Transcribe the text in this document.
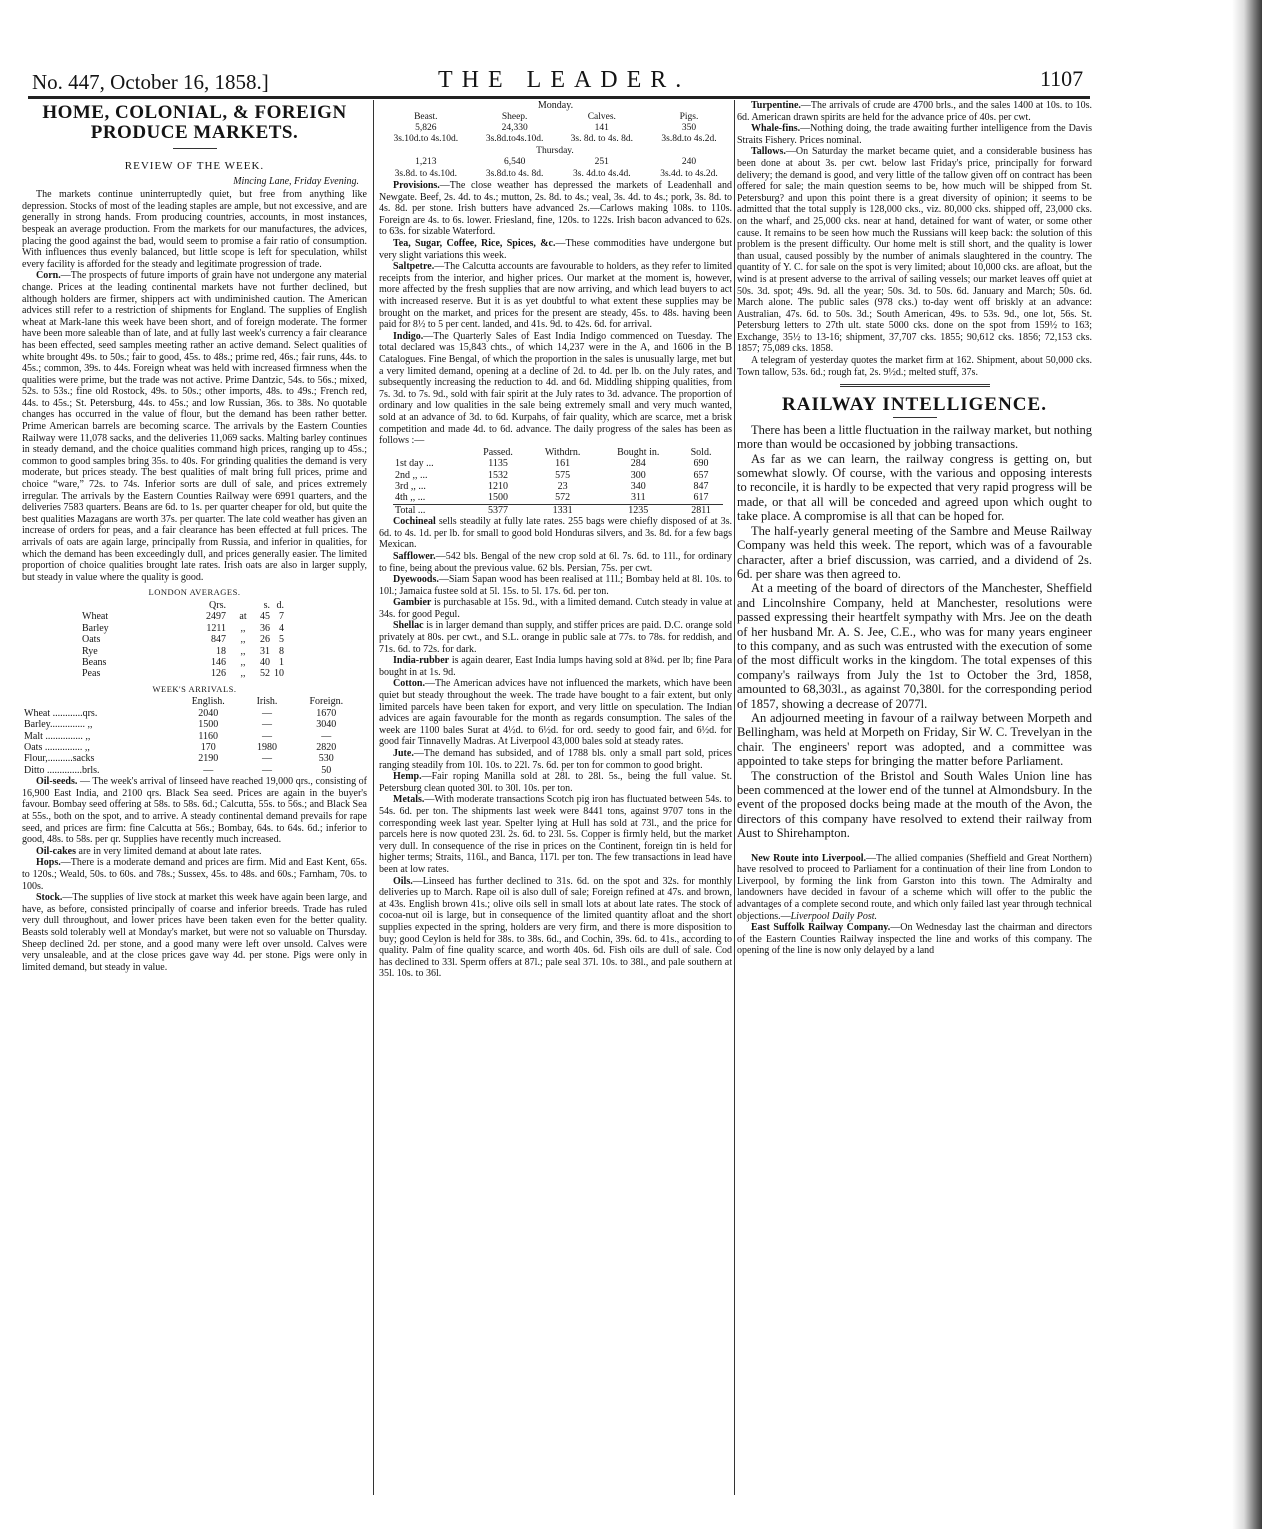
No. 447, October 16, 1858.]	THE LEADER.	1107
HOME, COLONIAL, & FOREIGN
PRODUCE MARKETS.
REVIEW OF THE WEEK.
Mincing Lane, Friday Evening.

The markets continue uninterruptedly quiet, but free from anything like depression. Stocks of most of the leading staples are ample, but not excessive, and are generally in strong hands. From producing countries, accounts, in most instances, bespeak an average production. From the markets for our manufactures, the advices, placing the good against the bad, would seem to promise a fair ratio of consumption. With influences thus evenly balanced, but little scope is left for speculation, whilst every facility is afforded for the steady and legitimate progression of trade.

Corn.—The prospects of future imports of grain have not undergone any material change. Prices at the leading continental markets have not further declined, but although holders are firmer, shippers act with undiminished caution. The American advices still refer to a restriction of shipments for England. The supplies of English wheat at Mark-lane this week have been short, and of foreign moderate. The former have been more saleable than of late, and at fully last week's currency a fair clearance has been effected, seed samples meeting rather an active demand. Select qualities of white brought 49s. to 50s.; fair to good, 45s. to 48s.; prime red, 46s.; fair runs, 44s. to 45s.; common, 39s. to 44s. Foreign wheat was held with increased firmness when the qualities were prime, but the trade was not active. Prime Dantzic, 54s. to 56s.; mixed, 52s. to 53s.; fine old Rostock, 49s. to 50s.; other imports, 48s. to 49s.; French red, 44s. to 45s.; St. Petersburg, 44s. to 45s.; and low Russian, 36s. to 38s. No quotable changes has occurred in the value of flour, but the demand has been rather better. Prime American barrels are becoming scarce. The arrivals by the Eastern Counties Railway were 11,078 sacks, and the deliveries 11,069 sacks. Malting barley continues in steady demand, and the choice qualities command high prices, ranging up to 45s.; common to good samples bring 35s. to 40s. For grinding qualities the demand is very moderate, but prices steady. The best qualities of malt bring full prices, prime and choice “ware,” 72s. to 74s. Inferior sorts are dull of sale, and prices extremely irregular. The arrivals by the Eastern Counties Railway were 6991 quarters, and the deliveries 7583 quarters. Beans are 6d. to 1s. per quarter cheaper for old, but quite the best qualities Mazagans are worth 37s. per quarter. The late cold weather has given an increase of orders for peas, and a fair clearance has been effected at full prices. The arrivals of oats are again large, principally from Russia, and inferior in qualities, for which the demand has been exceedingly dull, and prices generally easier. The limited proportion of choice qualities brought late rates. Irish oats are also in larger supply, but steady in value where the quality is good.

LONDON AVERAGES.
	Qrs.		s.	d.
Wheat	2497	at	45	7
Barley	1211	,,	36	4
Oats	847	,,	26	5
Rye	18	,,	31	8
Beans	146	,,	40	1
Peas	126	,,	52	10
WEEK'S ARRIVALS.
	English.	Irish.	Foreign.
Wheat ............qrs.	2040	—	1670
Barley.............. ,,	1500	—	3040
Malt ............... ,,	1160	—	—
Oats ............... ,,	170	1980	2820
Flour,..........sacks	2190	—	530
Ditto ..............brls.	—	—	50

Oil-seeds. — The week's arrival of linseed have reached 19,000 qrs., consisting of 16,900 East India, and 2100 qrs. Black Sea seed. Prices are again in the buyer's favour. Bombay seed offering at 58s. to 58s. 6d.; Calcutta, 55s. to 56s.; and Black Sea at 55s., both on the spot, and to arrive. A steady continental demand prevails for rape seed, and prices are firm: fine Calcutta at 56s.; Bombay, 64s. to 64s. 6d.; inferior to good, 48s. to 58s. per qr. Supplies have recently much increased.

Oil-cakes are in very limited demand at about late rates.

Hops.—There is a moderate demand and prices are firm. Mid and East Kent, 65s. to 120s.; Weald, 50s. to 60s. and 78s.; Sussex, 45s. to 48s. and 60s.; Farnham, 70s. to 100s.

Stock.—The supplies of live stock at market this week have again been large, and have, as before, consisted principally of coarse and inferior breeds. Trade has ruled very dull throughout, and lower prices have been taken even for the better quality. Beasts sold tolerably well at Monday's market, but were not so valuable on Thursday. Sheep declined 2d. per stone, and a good many were left over unsold. Calves were very unsaleable, and at the close prices gave way 4d. per stone. Pigs were only in limited demand, but steady in value.

Monday.
Beast.	Sheep.	Calves.	Pigs.
5,826	24,330	141	350
3s.10d.to 4s.10d.	3s.8d.to4s.10d.	3s. 8d. to 4s. 8d.	3s.8d.to 4s.2d.
Thursday.			
1,213	6,540	251	240
3s.8d. to 4s.10d.	3s.8d.to 4s. 8d.	3s. 4d.to 4s.4d.	3s.4d. to 4s.2d.

Provisions.—The close weather has depressed the markets of Leadenhall and Newgate. Beef, 2s. 4d. to 4s.; mutton, 2s. 8d. to 4s.; veal, 3s. 4d. to 4s.; pork, 3s. 8d. to 4s. 8d. per stone. Irish butters have advanced 2s.—Carlows making 108s. to 110s. Foreign are 4s. to 6s. lower. Friesland, fine, 120s. to 122s. Irish bacon advanced to 62s. to 63s. for sizable Waterford.

Tea, Sugar, Coffee, Rice, Spices, &c.—These commodities have undergone but very slight variations this week.

Saltpetre.—The Calcutta accounts are favourable to holders, as they refer to limited receipts from the interior, and higher prices. Our market at the moment is, however, more affected by the fresh supplies that are now arriving, and which lead buyers to act with increased reserve. But it is as yet doubtful to what extent these supplies may be brought on the market, and prices for the present are steady, 45s. to 48s. having been paid for 8½ to 5 per cent. landed, and 41s. 9d. to 42s. 6d. for arrival.

Indigo.—The Quarterly Sales of East India Indigo commenced on Tuesday. The total declared was 15,843 chts., of which 14,237 were in the A, and 1606 in the B Catalogues. Fine Bengal, of which the proportion in the sales is unusually large, met but a very limited demand, opening at a decline of 2d. to 4d. per lb. on the July rates, and subsequently increasing the reduction to 4d. and 6d. Middling shipping qualities, from 7s. 3d. to 7s. 9d., sold with fair spirit at the July rates to 3d. advance. The proportion of ordinary and low qualities in the sale being extremely small and very much wanted, sold at an advance of 3d. to 6d. Kurpahs, of fair quality, which are scarce, met a brisk competition and made 4d. to 6d. advance. The daily progress of the sales has been as follows :—

	Passed.	Withdrn.	Bought in.	Sold.
1st day ...	1135	161	284	690
2nd ,, ...	1532	575	300	657
3rd ,, ...	1210	23	340	847
4th ,, ...	1500	572	311	617
Total ...	5377	1331	1235	2811

Cochineal sells steadily at fully late rates. 255 bags were chiefly disposed of at 3s. 6d. to 4s. 1d. per lb. for small to good bold Honduras silvers, and 3s. 8d. for a few bags Mexican.

Safflower.—542 bls. Bengal of the new crop sold at 6l. 7s. 6d. to 11l., for ordinary to fine, being about the previous value. 62 bls. Persian, 75s. per cwt.

Dyewoods.—Siam Sapan wood has been realised at 11l.; Bombay held at 8l. 10s. to 10l.; Jamaica fustee sold at 5l. 15s. to 5l. 17s. 6d. per ton.

Gambier is purchasable at 15s. 9d., with a limited demand. Cutch steady in value at 34s. for good Pegul.

Shellac is in larger demand than supply, and stiffer prices are paid. D.C. orange sold privately at 80s. per cwt., and S.L. orange in public sale at 77s. to 78s. for reddish, and 71s. 6d. to 72s. for dark.

India-rubber is again dearer, East India lumps having sold at 8¾d. per lb; fine Para bought in at 1s. 9d.

Cotton.—The American advices have not influenced the markets, which have been quiet but steady throughout the week. The trade have bought to a fair extent, but only limited parcels have been taken for export, and very little on speculation. The Indian advices are again favourable for the month as regards consumption. The sales of the week are 1100 bales Surat at 4½d. to 6½d. for ord. seedy to good fair, and 6½d. for good fair Tinnavelly Madras. At Liverpool 43,000 bales sold at steady rates.

Jute.—The demand has subsided, and of 1788 bls. only a small part sold, prices ranging steadily from 10l. 10s. to 22l. 7s. 6d. per ton for common to good bright.

Hemp.—Fair roping Manilla sold at 28l. to 28l. 5s., being the full value. St. Petersburg clean quoted 30l. to 30l. 10s. per ton.

Metals.—With moderate transactions Scotch pig iron has fluctuated between 54s. to 54s. 6d. per ton. The shipments last week were 8441 tons, against 9707 tons in the corresponding week last year. Spelter lying at Hull has sold at 73l., and the price for parcels here is now quoted 23l. 2s. 6d. to 23l. 5s. Copper is firmly held, but the market very dull. In consequence of the rise in prices on the Continent, foreign tin is held for higher terms; Straits, 116l., and Banca, 117l. per ton. The few transactions in lead have been at low rates.

Oils.—Linseed has further declined to 31s. 6d. on the spot and 32s. for monthly deliveries up to March. Rape oil is also dull of sale; Foreign refined at 47s. and brown, at 43s. English brown 41s.; olive oils sell in small lots at about late rates. The stock of cocoa-nut oil is large, but in consequence of the limited quantity afloat and the short supplies expected in the spring, holders are very firm, and there is more disposition to buy; good Ceylon is held for 38s. to 38s. 6d., and Cochin, 39s. 6d. to 41s., according to quality. Palm of fine quality scarce, and worth 40s. 6d. Fish oils are dull of sale. Cod has declined to 33l. Sperm offers at 87l.; pale seal 37l. 10s. to 38l., and pale southern at 35l. 10s. to 36l.

Turpentine.—The arrivals of crude are 4700 brls., and the sales 1400 at 10s. to 10s. 6d. American drawn spirits are held for the advance price of 40s. per cwt.

Whale-fins.—Nothing doing, the trade awaiting further intelligence from the Davis Straits Fishery. Prices nominal.

Tallows.—On Saturday the market became quiet, and a considerable business has been done at about 3s. per cwt. below last Friday's price, principally for forward delivery; the demand is good, and very little of the tallow given off on contract has been offered for sale; the main question seems to be, how much will be shipped from St. Petersburg? and upon this point there is a great diversity of opinion; it seems to be admitted that the total supply is 128,000 cks., viz. 80,000 cks. shipped off, 23,000 cks. on the wharf, and 25,000 cks. near at hand, detained for want of water, or some other cause. It remains to be seen how much the Russians will keep back: the solution of this problem is the present difficulty. Our home melt is still short, and the quality is lower than usual, caused possibly by the number of animals slaughtered in the country. The quantity of Y. C. for sale on the spot is very limited; about 10,000 cks. are afloat, but the wind is at present adverse to the arrival of sailing vessels; our market leaves off quiet at 50s. 3d. spot; 49s. 9d. all the year; 50s. 3d. to 50s. 6d. January and March; 50s. 6d. March alone. The public sales (978 cks.) to-day went off briskly at an advance: Australian, 47s. 6d. to 50s. 3d.; South American, 49s. to 53s. 9d., one lot, 56s. St. Petersburg letters to 27th ult. state 5000 cks. done on the spot from 159½ to 163; Exchange, 35½ to 13-16; shipment, 37,707 cks. 1855; 90,612 cks. 1856; 72,153 cks. 1857; 75,089 cks. 1858.

A telegram of yesterday quotes the market firm at 162. Shipment, about 50,000 cks. Town tallow, 53s. 6d.; rough fat, 2s. 9½d.; melted stuff, 37s.

RAILWAY INTELLIGENCE.

There has been a little fluctuation in the railway market, but nothing more than would be occasioned by jobbing transactions.

As far as we can learn, the railway congress is getting on, but somewhat slowly. Of course, with the various and opposing interests to reconcile, it is hardly to be expected that very rapid progress will be made, or that all will be conceded and agreed upon which ought to take place. A compromise is all that can be hoped for.

The half-yearly general meeting of the Sambre and Meuse Railway Company was held this week. The report, which was of a favourable character, after a brief discussion, was carried, and a dividend of 2s. 6d. per share was then agreed to.

At a meeting of the board of directors of the Manchester, Sheffield and Lincolnshire Company, held at Manchester, resolutions were passed expressing their heartfelt sympathy with Mrs. Jee on the death of her husband Mr. A. S. Jee, C.E., who was for many years engineer to this company, and as such was entrusted with the execution of some of the most difficult works in the kingdom. The total expenses of this company's railways from July the 1st to October the 3rd, 1858, amounted to 68,303l., as against 70,380l. for the corresponding period of 1857, showing a decrease of 2077l.

An adjourned meeting in favour of a railway between Morpeth and Bellingham, was held at Morpeth on Friday, Sir W. C. Trevelyan in the chair. The engineers' report was adopted, and a committee was appointed to take steps for bringing the matter before Parliament.

The construction of the Bristol and South Wales Union line has been commenced at the lower end of the tunnel at Almondsbury. In the event of the proposed docks being made at the mouth of the Avon, the directors of this company have resolved to extend their railway from Aust to Shirehampton.

New Route into Liverpool.—The allied companies (Sheffield and Great Northern) have resolved to proceed to Parliament for a continuation of their line from London to Liverpool, by forming the link from Garston into this town. The Admiralty and landowners have decided in favour of a scheme which will offer to the public the advantages of a complete second route, and which only failed last year through technical objections.—Liverpool Daily Post.

East Suffolk Railway Company.—On Wednesday last the chairman and directors of the Eastern Counties Railway inspected the line and works of this company. The opening of the line is now only delayed by a land
